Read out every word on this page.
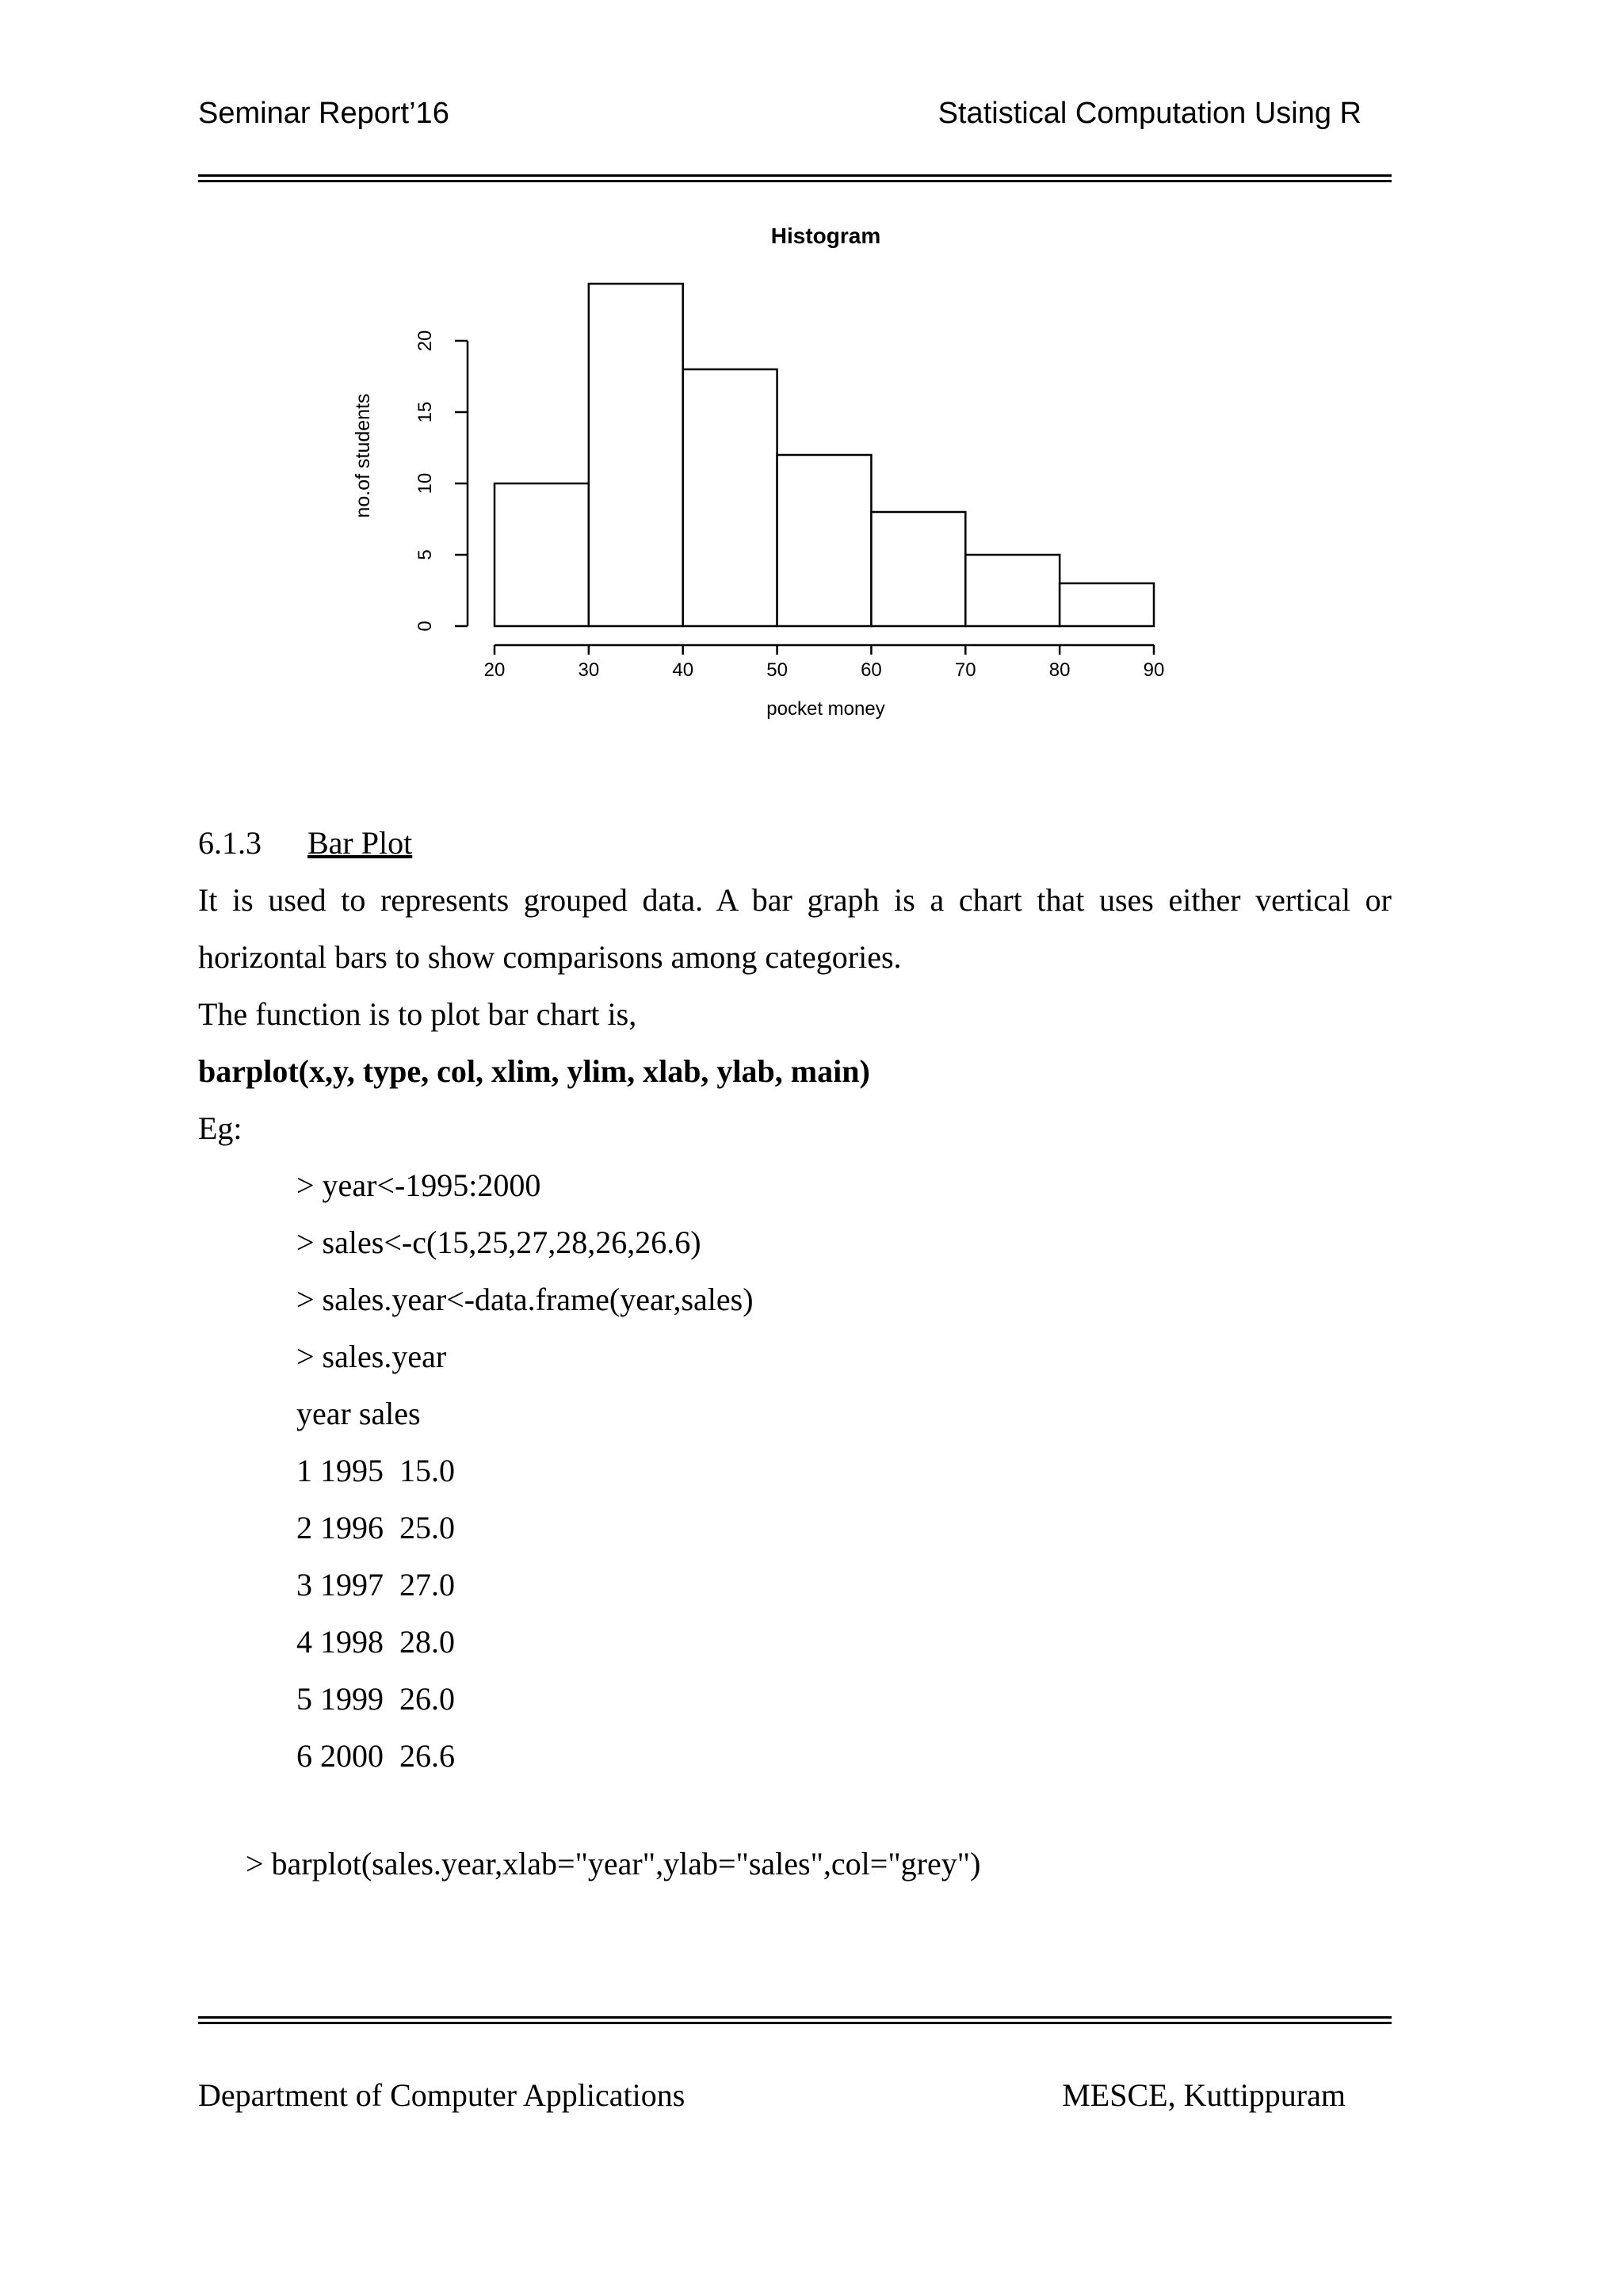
Seminar Report’16	Statistical Computation Using R
Histogram
pocket money
no.of students
20	30	40	50	60	70	80	90
0
5
10
15
20
6.1.3 Bar Plot
It is used to represents grouped data. A bar graph is a chart that uses either vertical or
horizontal bars to show comparisons among categories.
The function is to plot bar chart is,
barplot(x,y, type, col, xlim, ylim, xlab, ylab, main)
Eg:
> year<-1995:2000
> sales<-c(15,25,27,28,26,26.6)
> sales.year<-data.frame(year,sales)
> sales.year
year sales
1 1995  15.0
2 1996  25.0
3 1997  27.0
4 1998  28.0
5 1999  26.0
6 2000  26.6
> barplot(sales.year,xlab="year",ylab="sales",col="grey")
Department of Computer Applications	MESCE, Kuttippuram
